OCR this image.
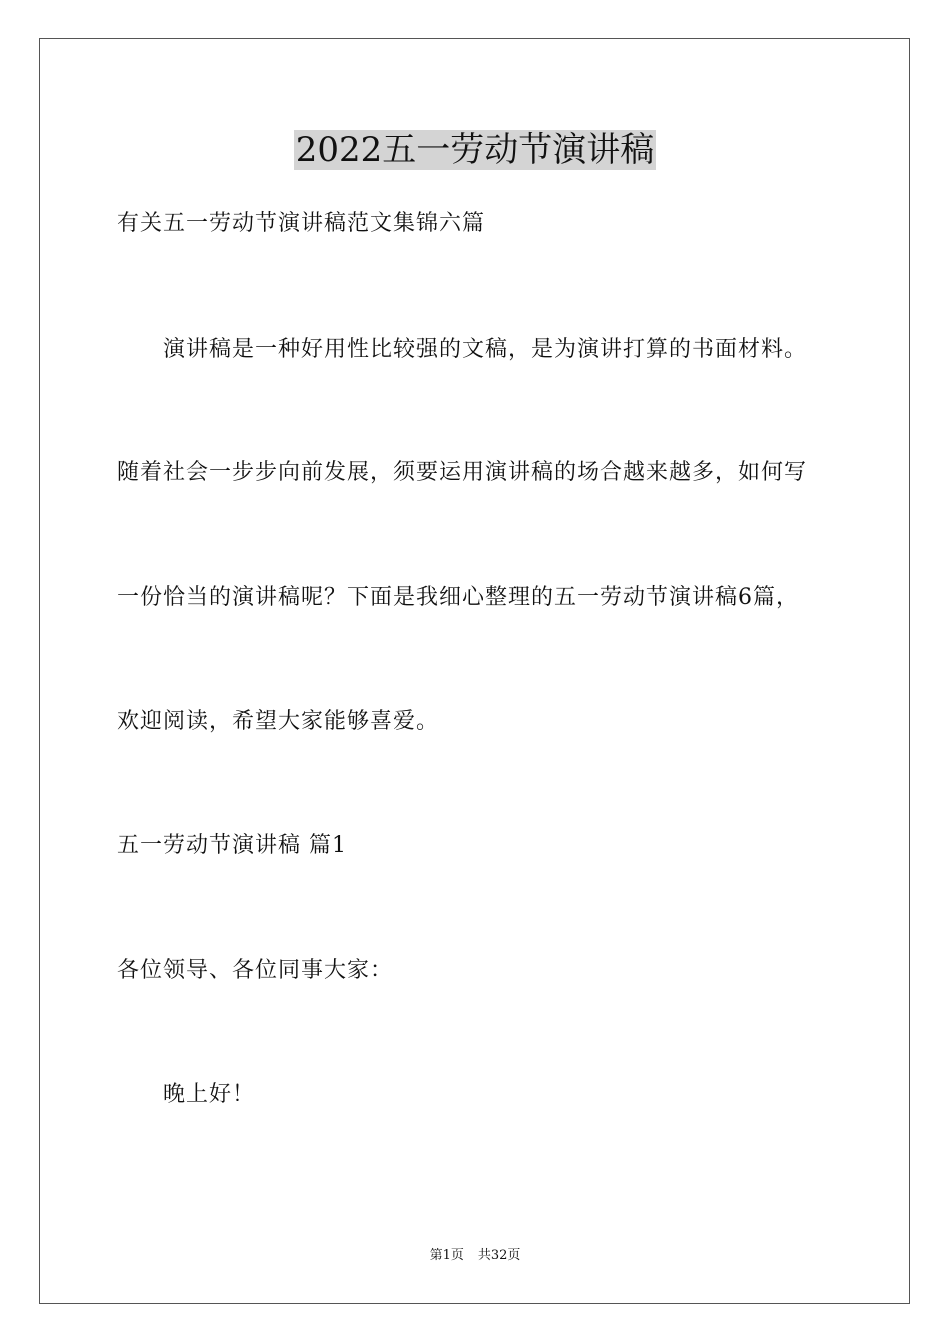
2022五一劳动节演讲稿

有关五一劳动节演讲稿范文集锦六篇

演讲稿是一种好用性比较强的文稿，是为演讲打算的书面材料。

随着社会一步步向前发展，须要运用演讲稿的场合越来越多，如何写

一份恰当的演讲稿呢？下面是我细心整理的五一劳动节演讲稿6篇，

欢迎阅读，希望大家能够喜爱。

五一劳动节演讲稿 篇1

各位领导、各位同事大家：

晚上好！

第1页 共32页
